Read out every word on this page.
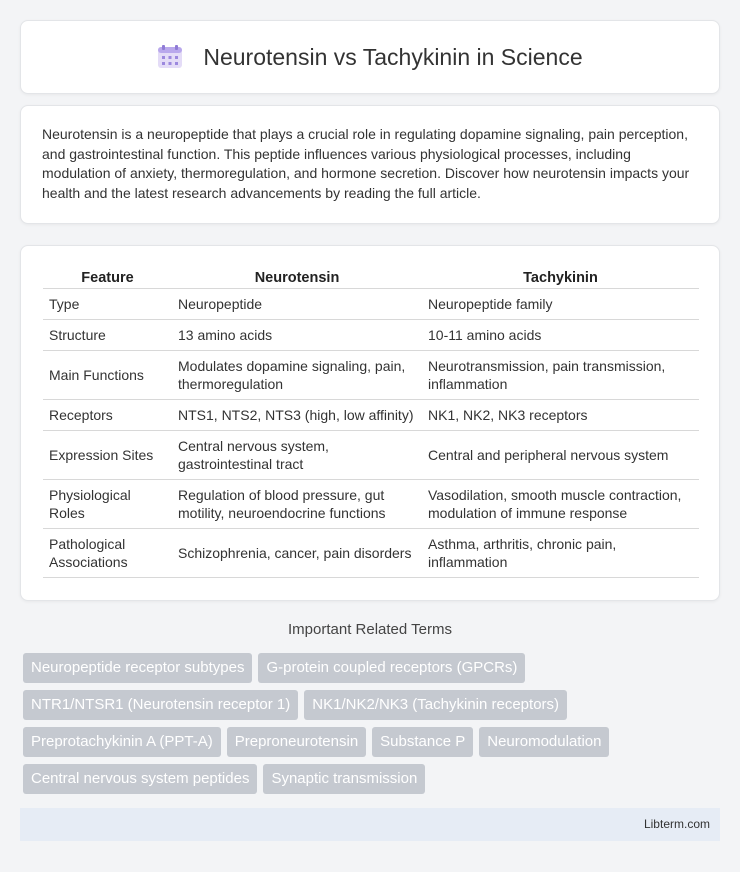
Neurotensin vs Tachykinin in Science

Neurotensin is a neuropeptide that plays a crucial role in regulating dopamine signaling, pain perception, and gastrointestinal function. This peptide influences various physiological processes, including modulation of anxiety, thermoregulation, and hormone secretion. Discover how neurotensin impacts your health and the latest research advancements by reading the full article.

Feature	Neurotensin	Tachykinin
Type	Neuropeptide	Neuropeptide family
Structure	13 amino acids	10-11 amino acids
Main Functions	Modulates dopamine signaling, pain, thermoregulation	Neurotransmission, pain transmission, inflammation
Receptors	NTS1, NTS2, NTS3 (high, low affinity)	NK1, NK2, NK3 receptors
Expression Sites	Central nervous system, gastrointestinal tract	Central and peripheral nervous system
Physiological Roles	Regulation of blood pressure, gut motility, neuroendocrine functions	Vasodilation, smooth muscle contraction, modulation of immune response
Pathological Associations	Schizophrenia, cancer, pain disorders	Asthma, arthritis, chronic pain, inflammation
Important Related Terms
Neuropeptide receptor subtypes	G-protein coupled receptors (GPCRs)
NTR1/NTSR1 (Neurotensin receptor 1)	NK1/NK2/NK3 (Tachykinin receptors)
Preprotachykinin A (PPT-A)	Preproneurotensin	Substance P	Neuromodulation
Central nervous system peptides	Synaptic transmission
Libterm.com
